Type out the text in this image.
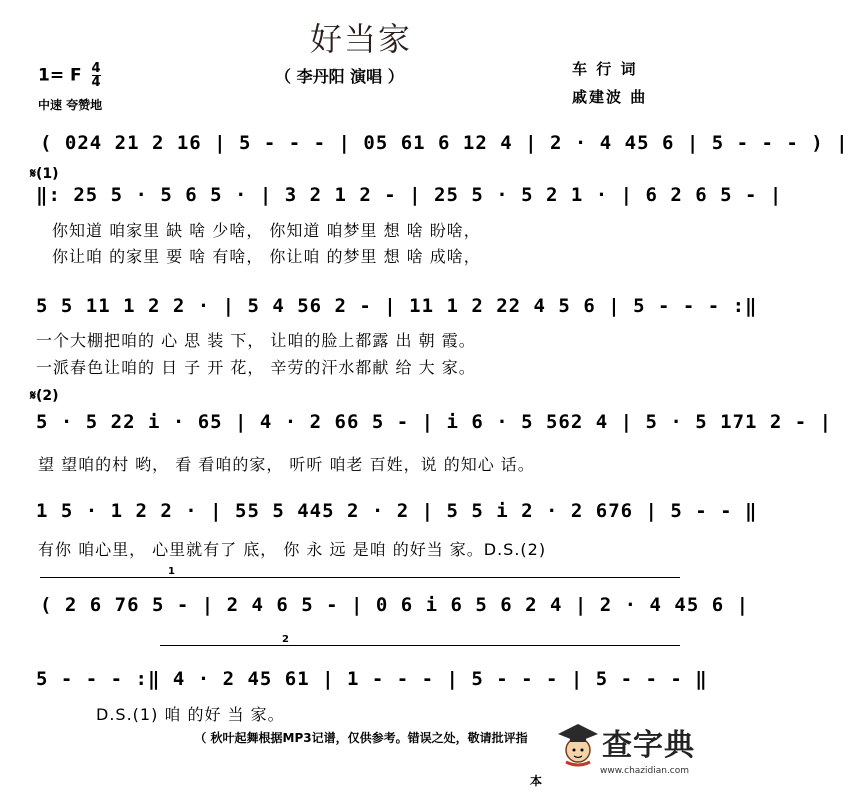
好当家
1= F $\frac{4}{4}$
中速 夸赞地
（ 李丹阳 演唱 ）	车 行 词
戚建波 曲
( 024 21 2 16 | 5 - - - | 05 61 6 12 4 | 2 · 4 45 6 | 5 - - - ) |
𝄋(1)
‖: 25 5 · 5 6 5 · | 3 2 1 2 - | 25 5 · 5 2 1 · | 6 2 6 5 - |
你知道 咱家里 缺 啥 少啥， 你知道 咱梦里 想 啥 盼啥，
你让咱 的家里 要 啥 有啥， 你让咱 的梦里 想 啥 成啥，
5 5 11 1 2 2 · | 5 4 56 2 - | 11 1 2 22 4 5 6 | 5 - - - :‖
一个大棚把咱的 心 思 装 下， 让咱的脸上都露 出 朝 霞。
一派春色让咱的 日 子 开 花， 辛劳的汗水都献 给 大 家。
𝄋(2)
5 · 5 22 i · 65 | 4 · 2 66 5 - | i 6 · 5 562 4 | 5 · 5 171 2 - |
望 望咱的村 哟， 看 看咱的家， 听听 咱老 百姓，说 的知心 话。
1 5 · 1 2 2 · | 55 5 445 2 · 2 | 5 5 i 2 · 2 676 | 5 - - ‖
有你 咱心里， 心里就有了 底， 你 永 远 是咱 的好当 家。D.S.(2)
1
( 2 6 76 5 - | 2 4 6 5 - | 0 6 i 6 5 6 2 4 | 2 · 4 45 6 |
2
5 - - - :‖ 4 · 2 45 61 | 1 - - - | 5 - - - | 5 - - - ‖
D.S.(1) 咱 的好 当 家。
（ 秋叶起舞根据MP3记谱，仅供参考。错误之处，敬请批评指
本
查字典
www.chazidian.com
